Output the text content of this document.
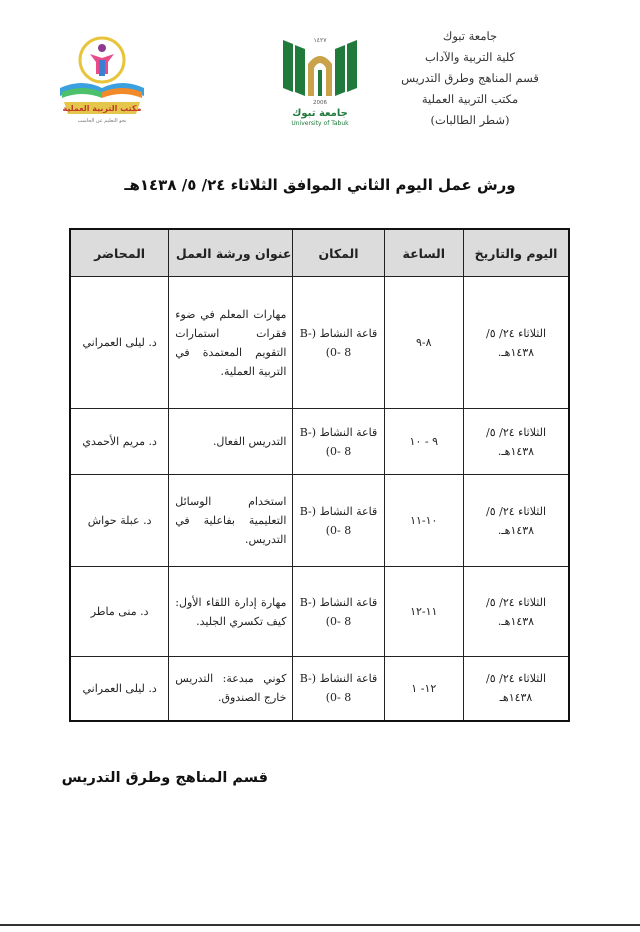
جامعة تبوك
كلية التربية والآداب
قسم المناهج وطرق التدريس
مكتب التربية العملية
(شطر الطالبات)
١٤٢٧
2006
جامعة تبوك
University of Tabuk
مكتب التربية العملية
نحو التعليم عن الحاسب
ورش عمل اليوم الثاني الموافق الثلاثاء ٢٤/ ٥/ ١٤٣٨هـ
اليوم والتاريخ	الساعة	المكان	عنوان ورشة العمل	المحاضر
الثلاثاء ٢٤/ ٥/ ١٤٣٨هـ.	٨-٩	قاعة النشاط (B- 0- 8)	مهارات المعلم في ضوء فقرات استمارات التقويم المعتمدة في التربية العملية.	د. ليلى العمراني
الثلاثاء ٢٤/ ٥/ ١٤٣٨هـ.	٩ - ١٠	قاعة النشاط (B- 0- 8)	التدريس الفعال.	د. مريم الأحمدي
الثلاثاء ٢٤/ ٥/ ١٤٣٨هـ.	١٠-١١	قاعة النشاط (B- 0- 8)	استخدام الوسائل التعليمية بفاعلية في التدريس.	د. عبلة حواش
الثلاثاء ٢٤/ ٥/ ١٤٣٨هـ.	١١-١٢	قاعة النشاط (B- 0- 8)	مهارة إدارة اللقاء الأول: كيف تكسري الجليد.	د. منى ماطر
الثلاثاء ٢٤/ ٥/ ١٤٣٨هـ	١٢- ١	قاعة النشاط (B- 0- 8)	كوني مبدعة: التدريس خارج الصندوق.	د. ليلى العمراني
قسم المناهج وطرق التدريس
